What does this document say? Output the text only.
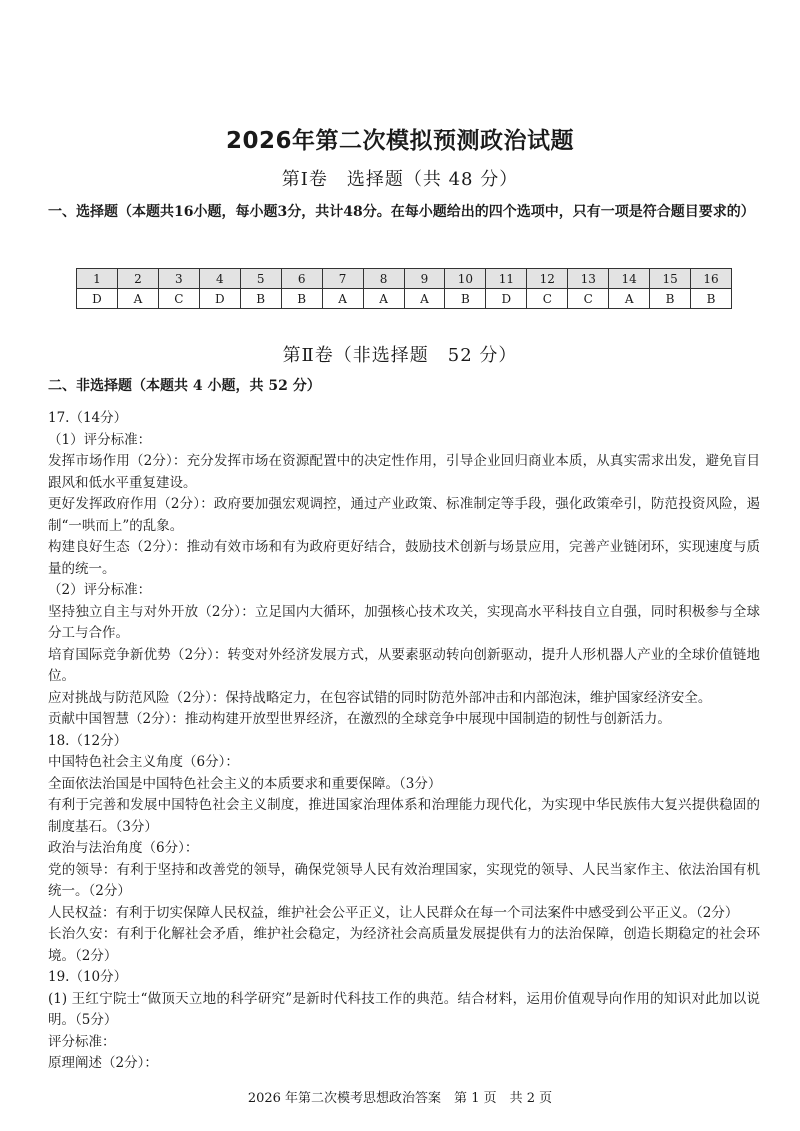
2026年第二次模拟预测政治试题
第Ⅰ卷　选择题（共 48 分）
一、选择题（本题共16小题，每小题3分，共计48分。在每小题给出的四个选项中，只有一项是符合题目要求的）
1	2	3	4	5	6	7	8	9	10	11	12	13	14	15	16
D	A	C	D	B	B	A	A	A	B	D	C	C	A	B	B
第Ⅱ卷（非选择题　52 分）
二、非选择题（本题共 4 小题，共 52 分）

17.（14分）

（1）评分标准：

发挥市场作用（2分）：充分发挥市场在资源配置中的决定性作用，引导企业回归商业本质，从真实需求出发，避免盲目跟风和低水平重复建设。

更好发挥政府作用（2分）：政府要加强宏观调控，通过产业政策、标准制定等手段，强化政策牵引，防范投资风险，遏制“一哄而上”的乱象。

构建良好生态（2分）：推动有效市场和有为政府更好结合，鼓励技术创新与场景应用，完善产业链闭环，实现速度与质量的统一。

（2）评分标准：

坚持独立自主与对外开放（2分）：立足国内大循环，加强核心技术攻关，实现高水平科技自立自强，同时积极参与全球分工与合作。

培育国际竞争新优势（2分）：转变对外经济发展方式，从要素驱动转向创新驱动，提升人形机器人产业的全球价值链地位。

应对挑战与防范风险（2分）：保持战略定力，在包容试错的同时防范外部冲击和内部泡沫，维护国家经济安全。

贡献中国智慧（2分）：推动构建开放型世界经济，在激烈的全球竞争中展现中国制造的韧性与创新活力。

18.（12分）

中国特色社会主义角度（6分）：

全面依法治国是中国特色社会主义的本质要求和重要保障。（3分）

有利于完善和发展中国特色社会主义制度，推进国家治理体系和治理能力现代化，为实现中华民族伟大复兴提供稳固的制度基石。（3分）

政治与法治角度（6分）：

党的领导：有利于坚持和改善党的领导，确保党领导人民有效治理国家，实现党的领导、人民当家作主、依法治国有机统一。（2分）

人民权益：有利于切实保障人民权益，维护社会公平正义，让人民群众在每一个司法案件中感受到公平正义。（2分）

长治久安：有利于化解社会矛盾，维护社会稳定，为经济社会高质量发展提供有力的法治保障，创造长期稳定的社会环境。（2分）

19.（10分）

(1) 王红宁院士“做顶天立地的科学研究”是新时代科技工作的典范。结合材料，运用价值观导向作用的知识对此加以说明。（5分）

评分标准：

原理阐述（2分）：

2026 年第二次模考思想政治答案　第 1 页　共 2 页
